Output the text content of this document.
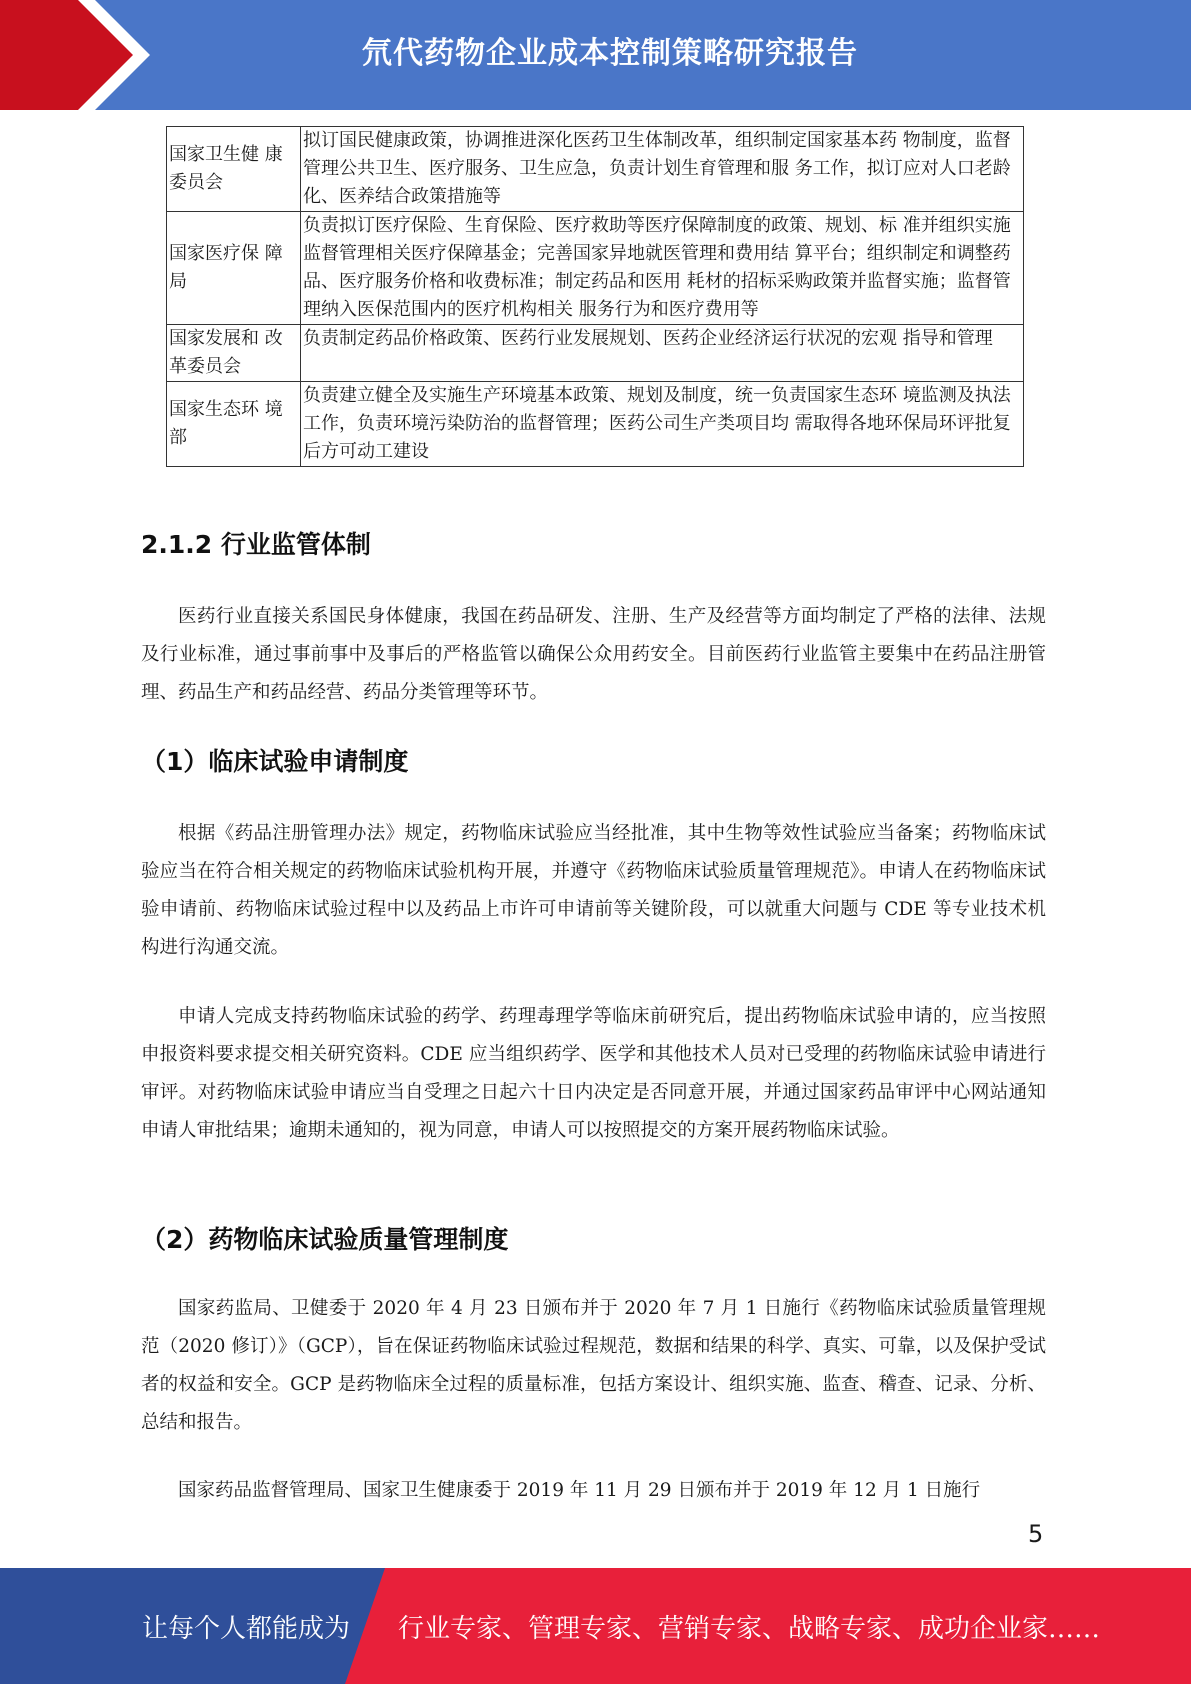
氘代药物企业成本控制策略研究报告
国家卫生健 康委员会	拟订国民健康政策，协调推进深化医药卫生体制改革，组织制定国家基本药 物制度，监督管理公共卫生、医疗服务、卫生应急，负责计划生育管理和服 务工作，拟订应对人口老龄化、医养结合政策措施等
国家医疗保 障局	负责拟订医疗保险、生育保险、医疗救助等医疗保障制度的政策、规划、标 准并组织实施监督管理相关医疗保障基金；完善国家异地就医管理和费用结 算平台；组织制定和调整药品、医疗服务价格和收费标准；制定药品和医用 耗材的招标采购政策并监督实施；监督管理纳入医保范围内的医疗机构相关 服务行为和医疗费用等
国家发展和 改革委员会	负责制定药品价格政策、医药行业发展规划、医药企业经济运行状况的宏观 指导和管理
国家生态环 境部	负责建立健全及实施生产环境基本政策、规划及制度，统一负责国家生态环 境监测及执法工作，负责环境污染防治的监督管理；医药公司生产类项目均 需取得各地环保局环评批复后方可动工建设
2.1.2 行业监管体制

医药行业直接关系国民身体健康，我国在药品研发、注册、生产及经营等方面均制定了严格的法律、法规及行业标准，通过事前事中及事后的严格监管以确保公众用药安全。目前医药行业监管主要集中在药品注册管理、药品生产和药品经营、药品分类管理等环节。

（1）临床试验申请制度

根据《药品注册管理办法》规定，药物临床试验应当经批准，其中生物等效性试验应当备案；药物临床试验应当在符合相关规定的药物临床试验机构开展，并遵守《药物临床试验质量管理规范》。申请人在药物临床试验申请前、药物临床试验过程中以及药品上市许可申请前等关键阶段，可以就重大问题与 CDE 等专业技术机构进行沟通交流。

申请人完成支持药物临床试验的药学、药理毒理学等临床前研究后，提出药物临床试验申请的，应当按照申报资料要求提交相关研究资料。CDE 应当组织药学、医学和其他技术人员对已受理的药物临床试验申请进行审评。对药物临床试验申请应当自受理之日起六十日内决定是否同意开展，并通过国家药品审评中心网站通知申请人审批结果；逾期未通知的，视为同意，申请人可以按照提交的方案开展药物临床试验。

（2）药物临床试验质量管理制度

国家药监局、卫健委于 2020 年 4 月 23 日颁布并于 2020 年 7 月 1 日施行《药物临床试验质量管理规范（2020 修订）》（GCP），旨在保证药物临床试验过程规范，数据和结果的科学、真实、可靠，以及保护受试者的权益和安全。GCP 是药物临床全过程的质量标准，包括方案设计、组织实施、监查、稽查、记录、分析、总结和报告。

国家药品监督管理局、国家卫生健康委于 2019 年 11 月 29 日颁布并于 2019 年 12 月 1 日施行

5
让每个人都能成为 行业专家、管理专家、营销专家、战略专家、成功企业家……
